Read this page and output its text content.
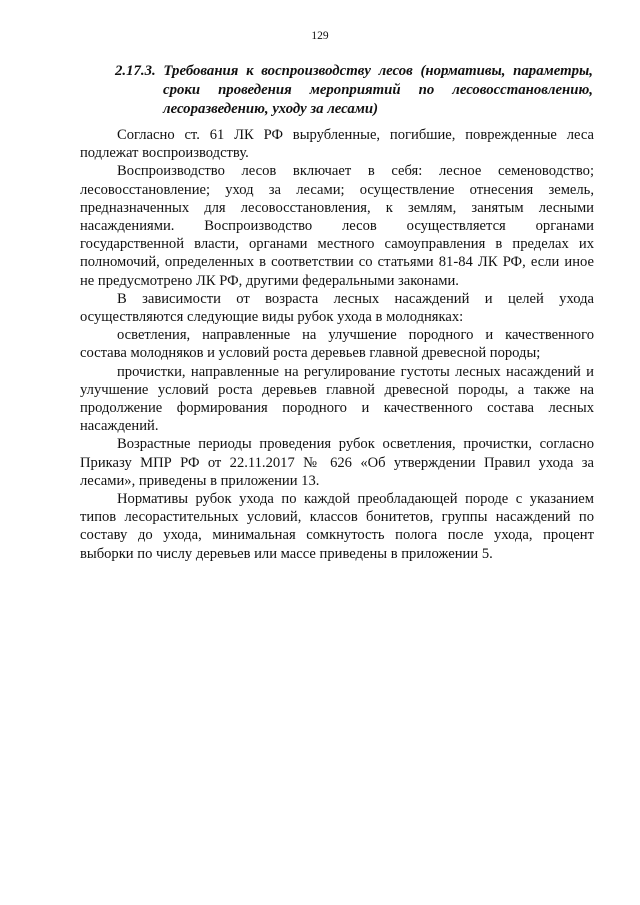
129
2.17.3. Требования к воспроизводству лесов (нормативы, параметры,
сроки проведения мероприятий по лесовосстановлению,
лесоразведению, уходу за лесами)

Согласно ст. 61 ЛК РФ вырубленные, погибшие, поврежденные леса подлежат воспроизводству.

Воспроизводство лесов включает в себя: лесное семеноводство; лесовосстановление; уход за лесами; осуществление отнесения земель, предназначенных для лесовосстановления, к землям, занятым лесными насаждениями. Воспроизводство лесов осуществляется органами государственной власти, органами местного самоуправления в пределах их полномочий, определенных в соответствии со статьями 81-84 ЛК РФ, если иное не предусмотрено ЛК РФ, другими федеральными законами.

В зависимости от возраста лесных насаждений и целей ухода осуществляются следующие виды рубок ухода в молодняках:

осветления, направленные на улучшение породного и качественного состава молодняков и условий роста деревьев главной древесной породы;

прочистки, направленные на регулирование густоты лесных насаждений и улучшение условий роста деревьев главной древесной породы, а также на продолжение формирования породного и качественного состава лесных насаждений.

Возрастные периоды проведения рубок осветления, прочистки, согласно Приказу МПР РФ от 22.11.2017 № 626 «Об утверждении Правил ухода за лесами», приведены в приложении 13.

Нормативы рубок ухода по каждой преобладающей породе с указанием типов лесорастительных условий, классов бонитетов, группы насаждений по составу до ухода, минимальная сомкнутость полога после ухода, процент выборки по числу деревьев или массе приведены в приложении 5.
